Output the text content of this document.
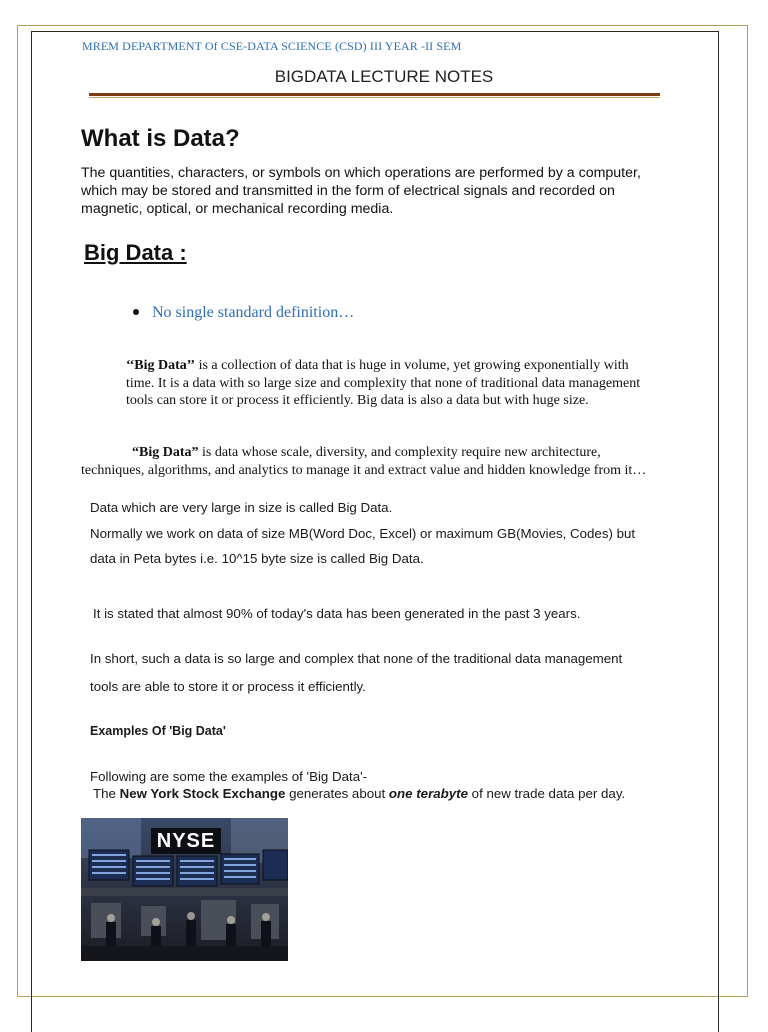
MREM DEPARTMENT Of CSE-DATA SCIENCE (CSD) III YEAR -II SEM
BIGDATA LECTURE NOTES
What is Data?
The quantities, characters, or symbols on which operations are performed by a computer, which may be stored and transmitted in the form of electrical signals and recorded on magnetic, optical, or mechanical recording media.
Big Data :
No single standard definition…
‘‘Big Data’’ is a collection of data that is huge in volume, yet growing exponentially with time. It is a data with so large size and complexity that none of traditional data management tools can store it or process it efficiently. Big data is also a data but with huge size.
“Big Data” is data whose scale, diversity, and complexity require new architecture, techniques, algorithms, and analytics to manage it and extract value and hidden knowledge from it…
Data which are very large in size is called Big Data.
Normally we work on data of size MB(Word Doc, Excel) or maximum GB(Movies, Codes) but
data in Peta bytes i.e. 10^15 byte size is called Big Data.
It is stated that almost 90% of today's data has been generated in the past 3 years.
In short, such a data is so large and complex that none of the traditional data management
tools are able to store it or process it efficiently.
Examples Of 'Big Data'
Following are some the examples of 'Big Data'-
The New York Stock Exchange generates about one terabyte of new trade data per day.
NYSE
